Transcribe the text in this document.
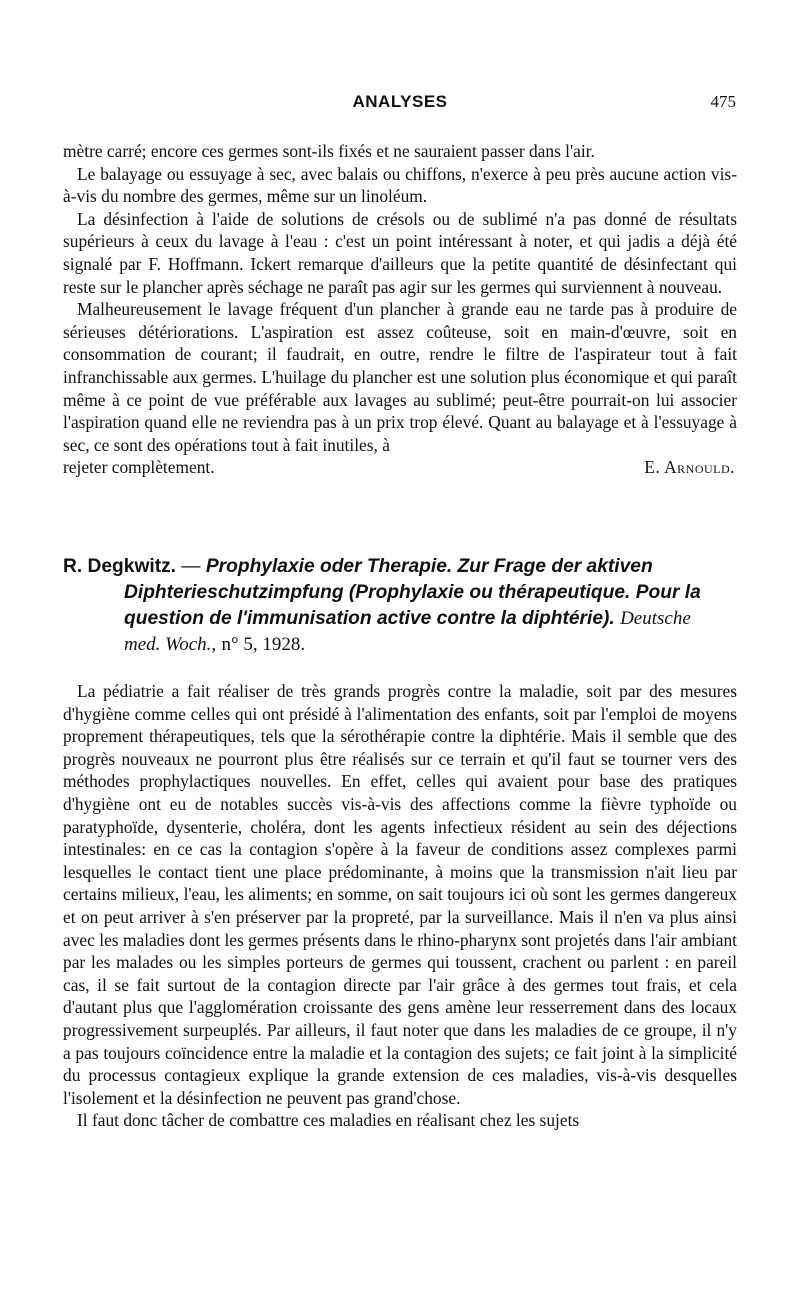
ANALYSES	475

mètre carré; encore ces germes sont-ils fixés et ne sauraient passer dans l'air.

Le balayage ou essuyage à sec, avec balais ou chiffons, n'exerce à peu près aucune action vis-à-vis du nombre des germes, même sur un linoléum.

La désinfection à l'aide de solutions de crésols ou de sublimé n'a pas donné de résultats supérieurs à ceux du lavage à l'eau : c'est un point intéressant à noter, et qui jadis a déjà été signalé par F. Hoffmann. Ickert remarque d'ailleurs que la petite quantité de désinfectant qui reste sur le plancher après séchage ne paraît pas agir sur les germes qui surviennent à nouveau.

Malheureusement le lavage fréquent d'un plancher à grande eau ne tarde pas à produire de sérieuses détériorations. L'aspiration est assez coûteuse, soit en main-d'œuvre, soit en consommation de courant; il faudrait, en outre, rendre le filtre de l'aspirateur tout à fait infranchissable aux germes. L'huilage du plancher est une solution plus économique et qui paraît même à ce point de vue préférable aux lavages au sublimé; peut-être pourrait-on lui associer l'aspiration quand elle ne reviendra pas à un prix trop élevé. Quant au balayage et à l'essuyage à sec, ce sont des opérations tout à fait inutiles, à

rejeter complètement.	E. Arnould.
R. Degkwitz. — Prophylaxie oder Therapie. Zur Frage der aktiven
Diphterieschutzimpfung (Prophylaxie ou thérapeutique. Pour la
question de l'immunisation active contre la diphtérie). Deutsche
med. Woch., n° 5, 1928.

La pédiatrie a fait réaliser de très grands progrès contre la maladie, soit par des mesures d'hygiène comme celles qui ont présidé à l'alimentation des enfants, soit par l'emploi de moyens proprement thérapeutiques, tels que la sérothérapie contre la diphtérie. Mais il semble que des progrès nouveaux ne pourront plus être réalisés sur ce terrain et qu'il faut se tourner vers des méthodes prophylactiques nouvelles. En effet, celles qui avaient pour base des pratiques d'hygiène ont eu de notables succès vis-à-vis des affections comme la fièvre typhoïde ou paratyphoïde, dysenterie, choléra, dont les agents infectieux résident au sein des déjections intestinales: en ce cas la contagion s'opère à la faveur de conditions assez complexes parmi lesquelles le contact tient une place prédominante, à moins que la transmission n'ait lieu par certains milieux, l'eau, les aliments; en somme, on sait toujours ici où sont les germes dangereux et on peut arriver à s'en préserver par la propreté, par la surveillance. Mais il n'en va plus ainsi avec les maladies dont les germes présents dans le rhino-pharynx sont projetés dans l'air ambiant par les malades ou les simples porteurs de germes qui toussent, crachent ou parlent : en pareil cas, il se fait surtout de la contagion directe par l'air grâce à des germes tout frais, et cela d'autant plus que l'agglomération croissante des gens amène leur resserrement dans des locaux progressivement surpeuplés. Par ailleurs, il faut noter que dans les maladies de ce groupe, il n'y a pas toujours coïncidence entre la maladie et la contagion des sujets; ce fait joint à la simplicité du processus contagieux explique la grande extension de ces maladies, vis-à-vis desquelles l'isolement et la désinfection ne peuvent pas grand'chose.

Il faut donc tâcher de combattre ces maladies en réalisant chez les sujets
